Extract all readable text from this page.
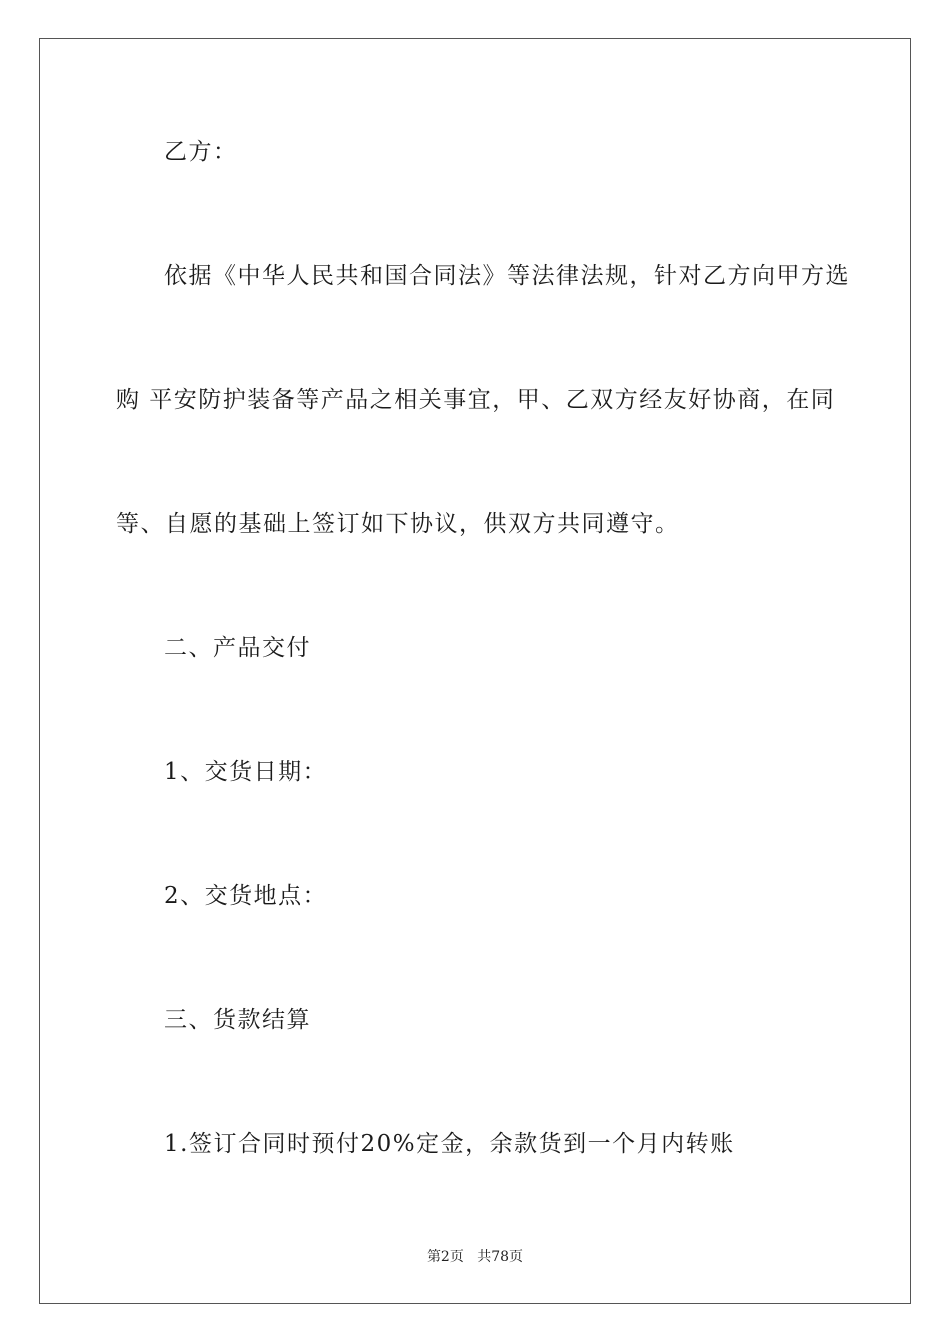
乙方：

依据《中华人民共和国合同法》等法律法规，针对乙方向甲方选

购 平安防护装备等产品之相关事宜，甲、乙双方经友好协商，在同

等、自愿的基础上签订如下协议，供双方共同遵守。

二、产品交付

1、交货日期：

2、交货地点：

三、货款结算

1.签订合同时预付20%定金，余款货到一个月内转账

第2页 共78页
